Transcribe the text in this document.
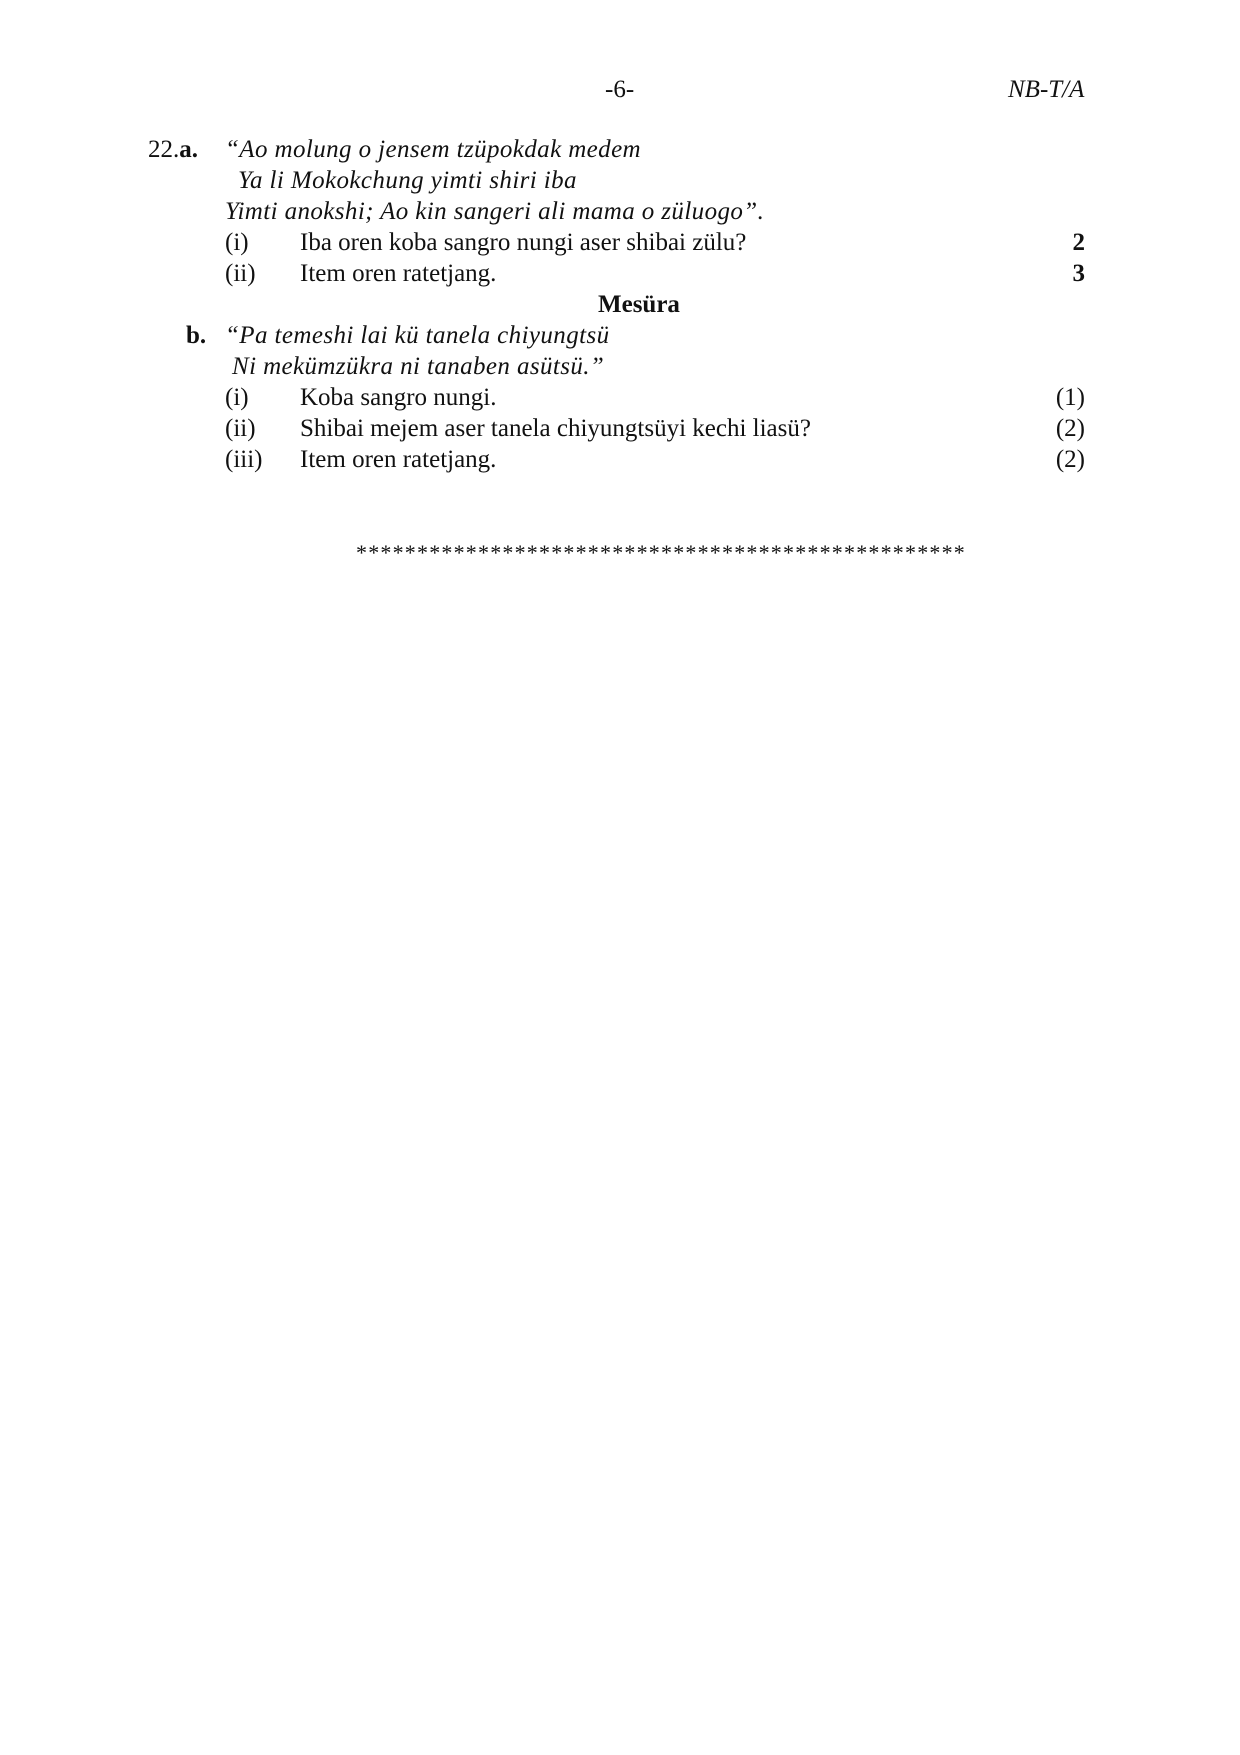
-6-	NB-T/A
22.a. “Ao molung o jensem tzüpokdak medem
Ya li Mokokchung yimti shiri iba
Yimti anokshi; Ao kin sangeri ali mama o züluogo”.
(i) Iba oren koba sangro nungi aser shibai zülu?	2
(ii) Item oren ratetjang.	3
Mesüra
b. “Pa temeshi lai kü tanela chiyungtsü
Ni mekümzükra ni tanaben asütsü.”
(i) Koba sangro nungi.	(1)
(ii) Shibai mejem aser tanela chiyungtsüyi kechi liasü?	(2)
(iii) Item oren ratetjang.	(2)
**************************************************
